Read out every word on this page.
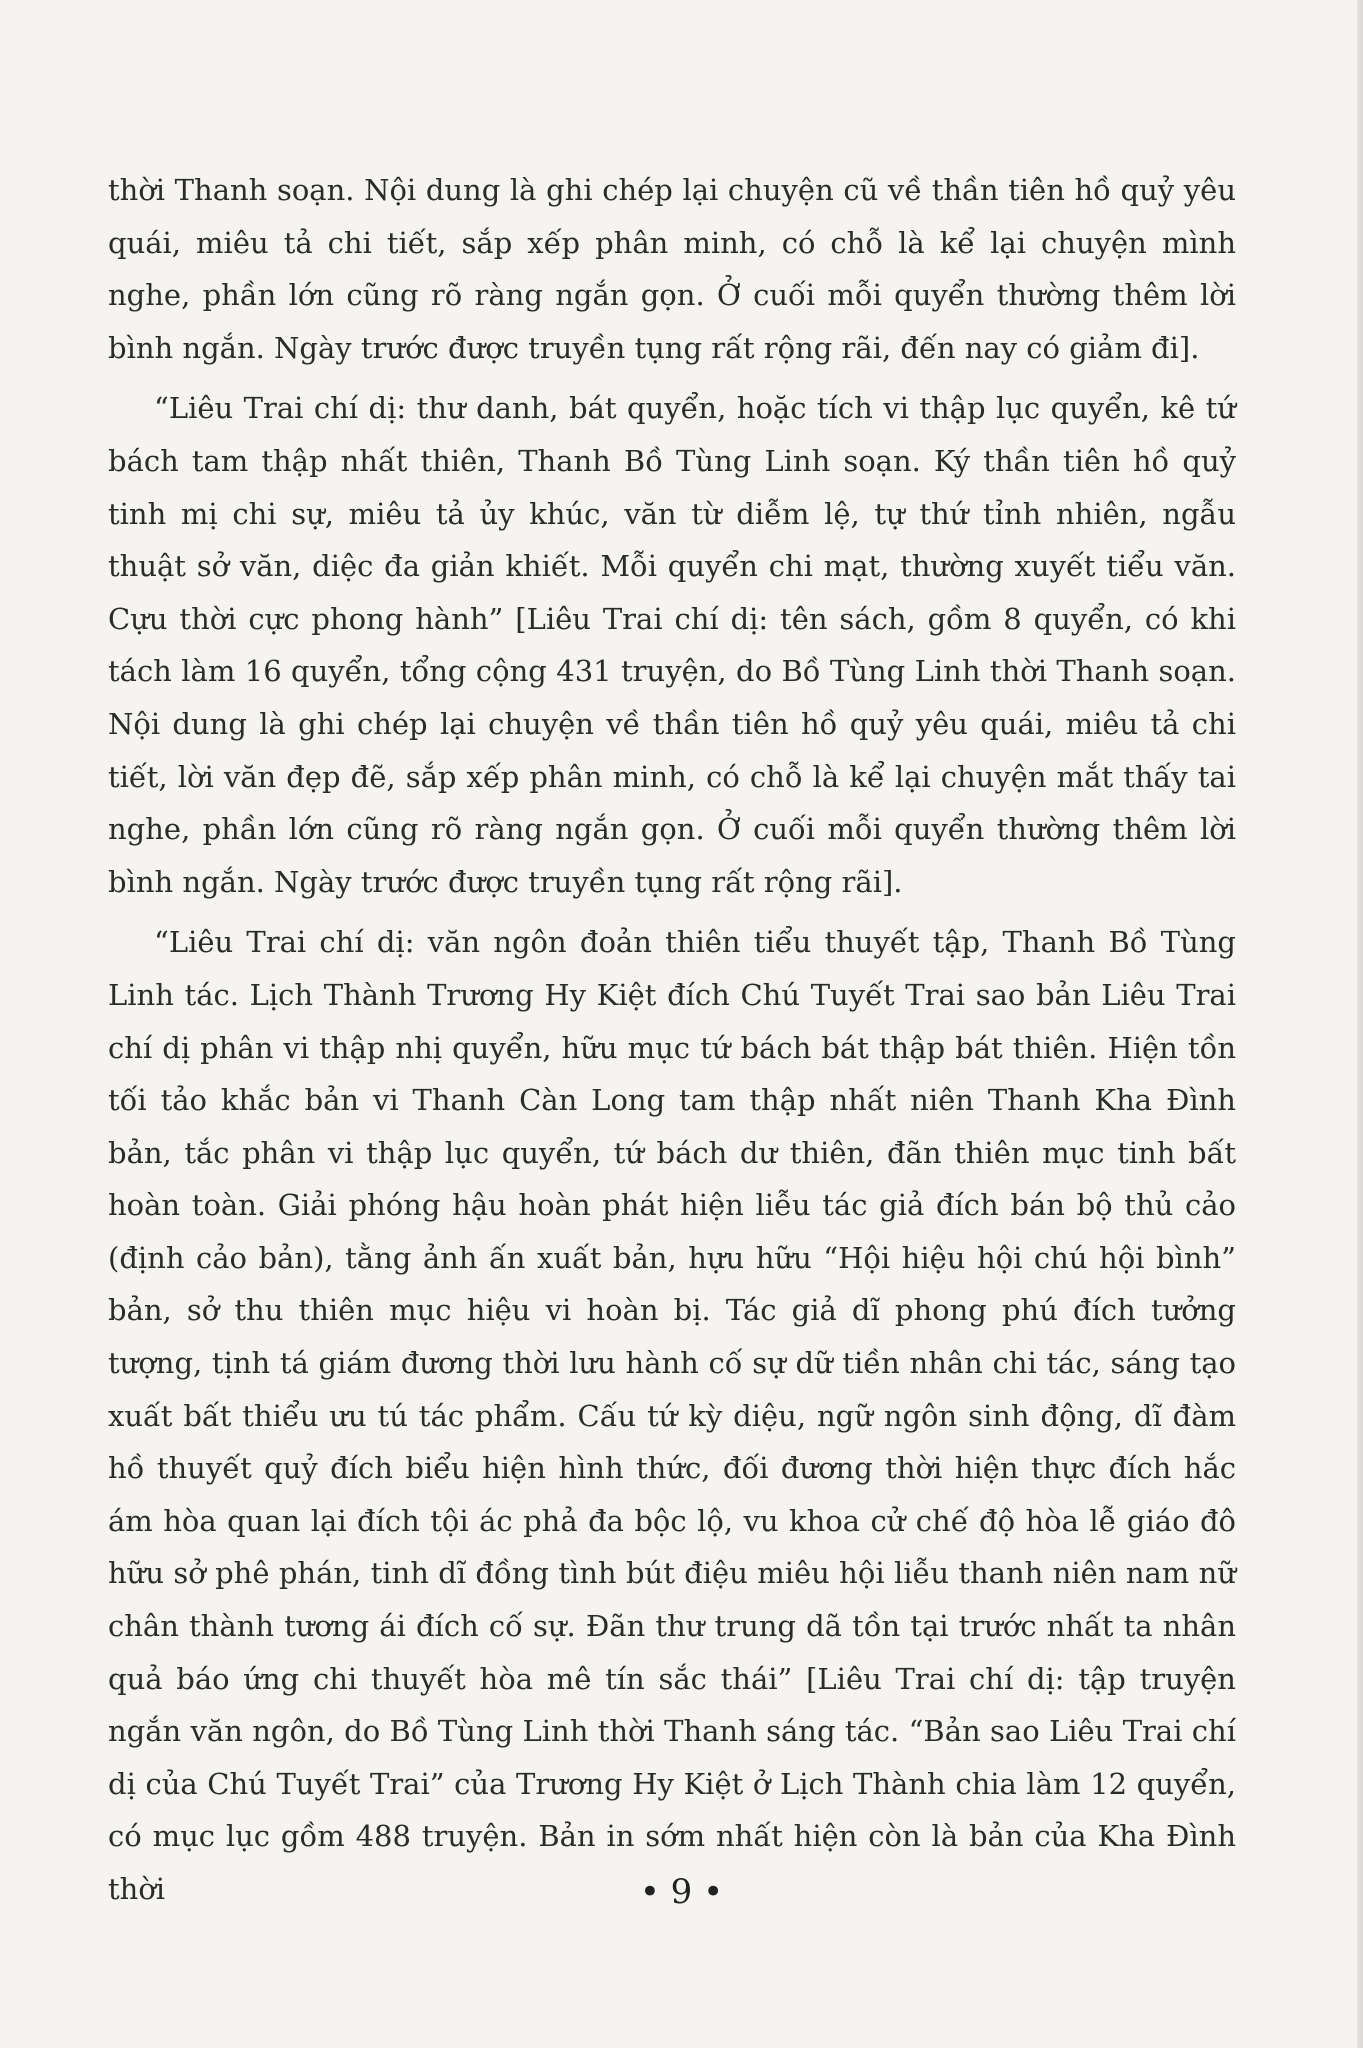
thời Thanh soạn. Nội dung là ghi chép lại chuyện cũ về thần tiên hồ quỷ yêu quái, miêu tả chi tiết, sắp xếp phân minh, có chỗ là kể lại chuyện mình nghe, phần lớn cũng rõ ràng ngắn gọn. Ở cuối mỗi quyển thường thêm lời bình ngắn. Ngày trước được truyền tụng rất rộng rãi, đến nay có giảm đi].

“Liêu Trai chí dị: thư danh, bát quyển, hoặc tích vi thập lục quyển, kê tứ bách tam thập nhất thiên, Thanh Bồ Tùng Linh soạn. Ký thần tiên hồ quỷ tinh mị chi sự, miêu tả ủy khúc, văn từ diễm lệ, tự thứ tỉnh nhiên, ngẫu thuật sở văn, diệc đa giản khiết. Mỗi quyển chi mạt, thường xuyết tiểu văn. Cựu thời cực phong hành” [Liêu Trai chí dị: tên sách, gồm 8 quyển, có khi tách làm 16 quyển, tổng cộng 431 truyện, do Bồ Tùng Linh thời Thanh soạn. Nội dung là ghi chép lại chuyện về thần tiên hồ quỷ yêu quái, miêu tả chi tiết, lời văn đẹp đẽ, sắp xếp phân minh, có chỗ là kể lại chuyện mắt thấy tai nghe, phần lớn cũng rõ ràng ngắn gọn. Ở cuối mỗi quyển thường thêm lời bình ngắn. Ngày trước được truyền tụng rất rộng rãi].

“Liêu Trai chí dị: văn ngôn đoản thiên tiểu thuyết tập, Thanh Bồ Tùng Linh tác. Lịch Thành Trương Hy Kiệt đích Chú Tuyết Trai sao bản Liêu Trai chí dị phân vi thập nhị quyển, hữu mục tứ bách bát thập bát thiên. Hiện tồn tối tảo khắc bản vi Thanh Càn Long tam thập nhất niên Thanh Kha Đình bản, tắc phân vi thập lục quyển, tứ bách dư thiên, đãn thiên mục tinh bất hoàn toàn. Giải phóng hậu hoàn phát hiện liễu tác giả đích bán bộ thủ cảo (định cảo bản), tằng ảnh ấn xuất bản, hựu hữu “Hội hiệu hội chú hội bình” bản, sở thu thiên mục hiệu vi hoàn bị. Tác giả dĩ phong phú đích tưởng tượng, tịnh tá giám đương thời lưu hành cố sự dữ tiền nhân chi tác, sáng tạo xuất bất thiểu ưu tú tác phẩm. Cấu tứ kỳ diệu, ngữ ngôn sinh động, dĩ đàm hồ thuyết quỷ đích biểu hiện hình thức, đối đương thời hiện thực đích hắc ám hòa quan lại đích tội ác phả đa bộc lộ, vu khoa cử chế độ hòa lễ giáo đô hữu sở phê phán, tinh dĩ đồng tình bút điệu miêu hội liễu thanh niên nam nữ chân thành tương ái đích cố sự. Đãn thư trung dã tồn tại trước nhất ta nhân quả báo ứng chi thuyết hòa mê tín sắc thái” [Liêu Trai chí dị: tập truyện ngắn văn ngôn, do Bồ Tùng Linh thời Thanh sáng tác. “Bản sao Liêu Trai chí dị của Chú Tuyết Trai” của Trương Hy Kiệt ở Lịch Thành chia làm 12 quyển, có mục lục gồm 488 truyện. Bản in sớm nhất hiện còn là bản của Kha Đình thời	• 9 •
